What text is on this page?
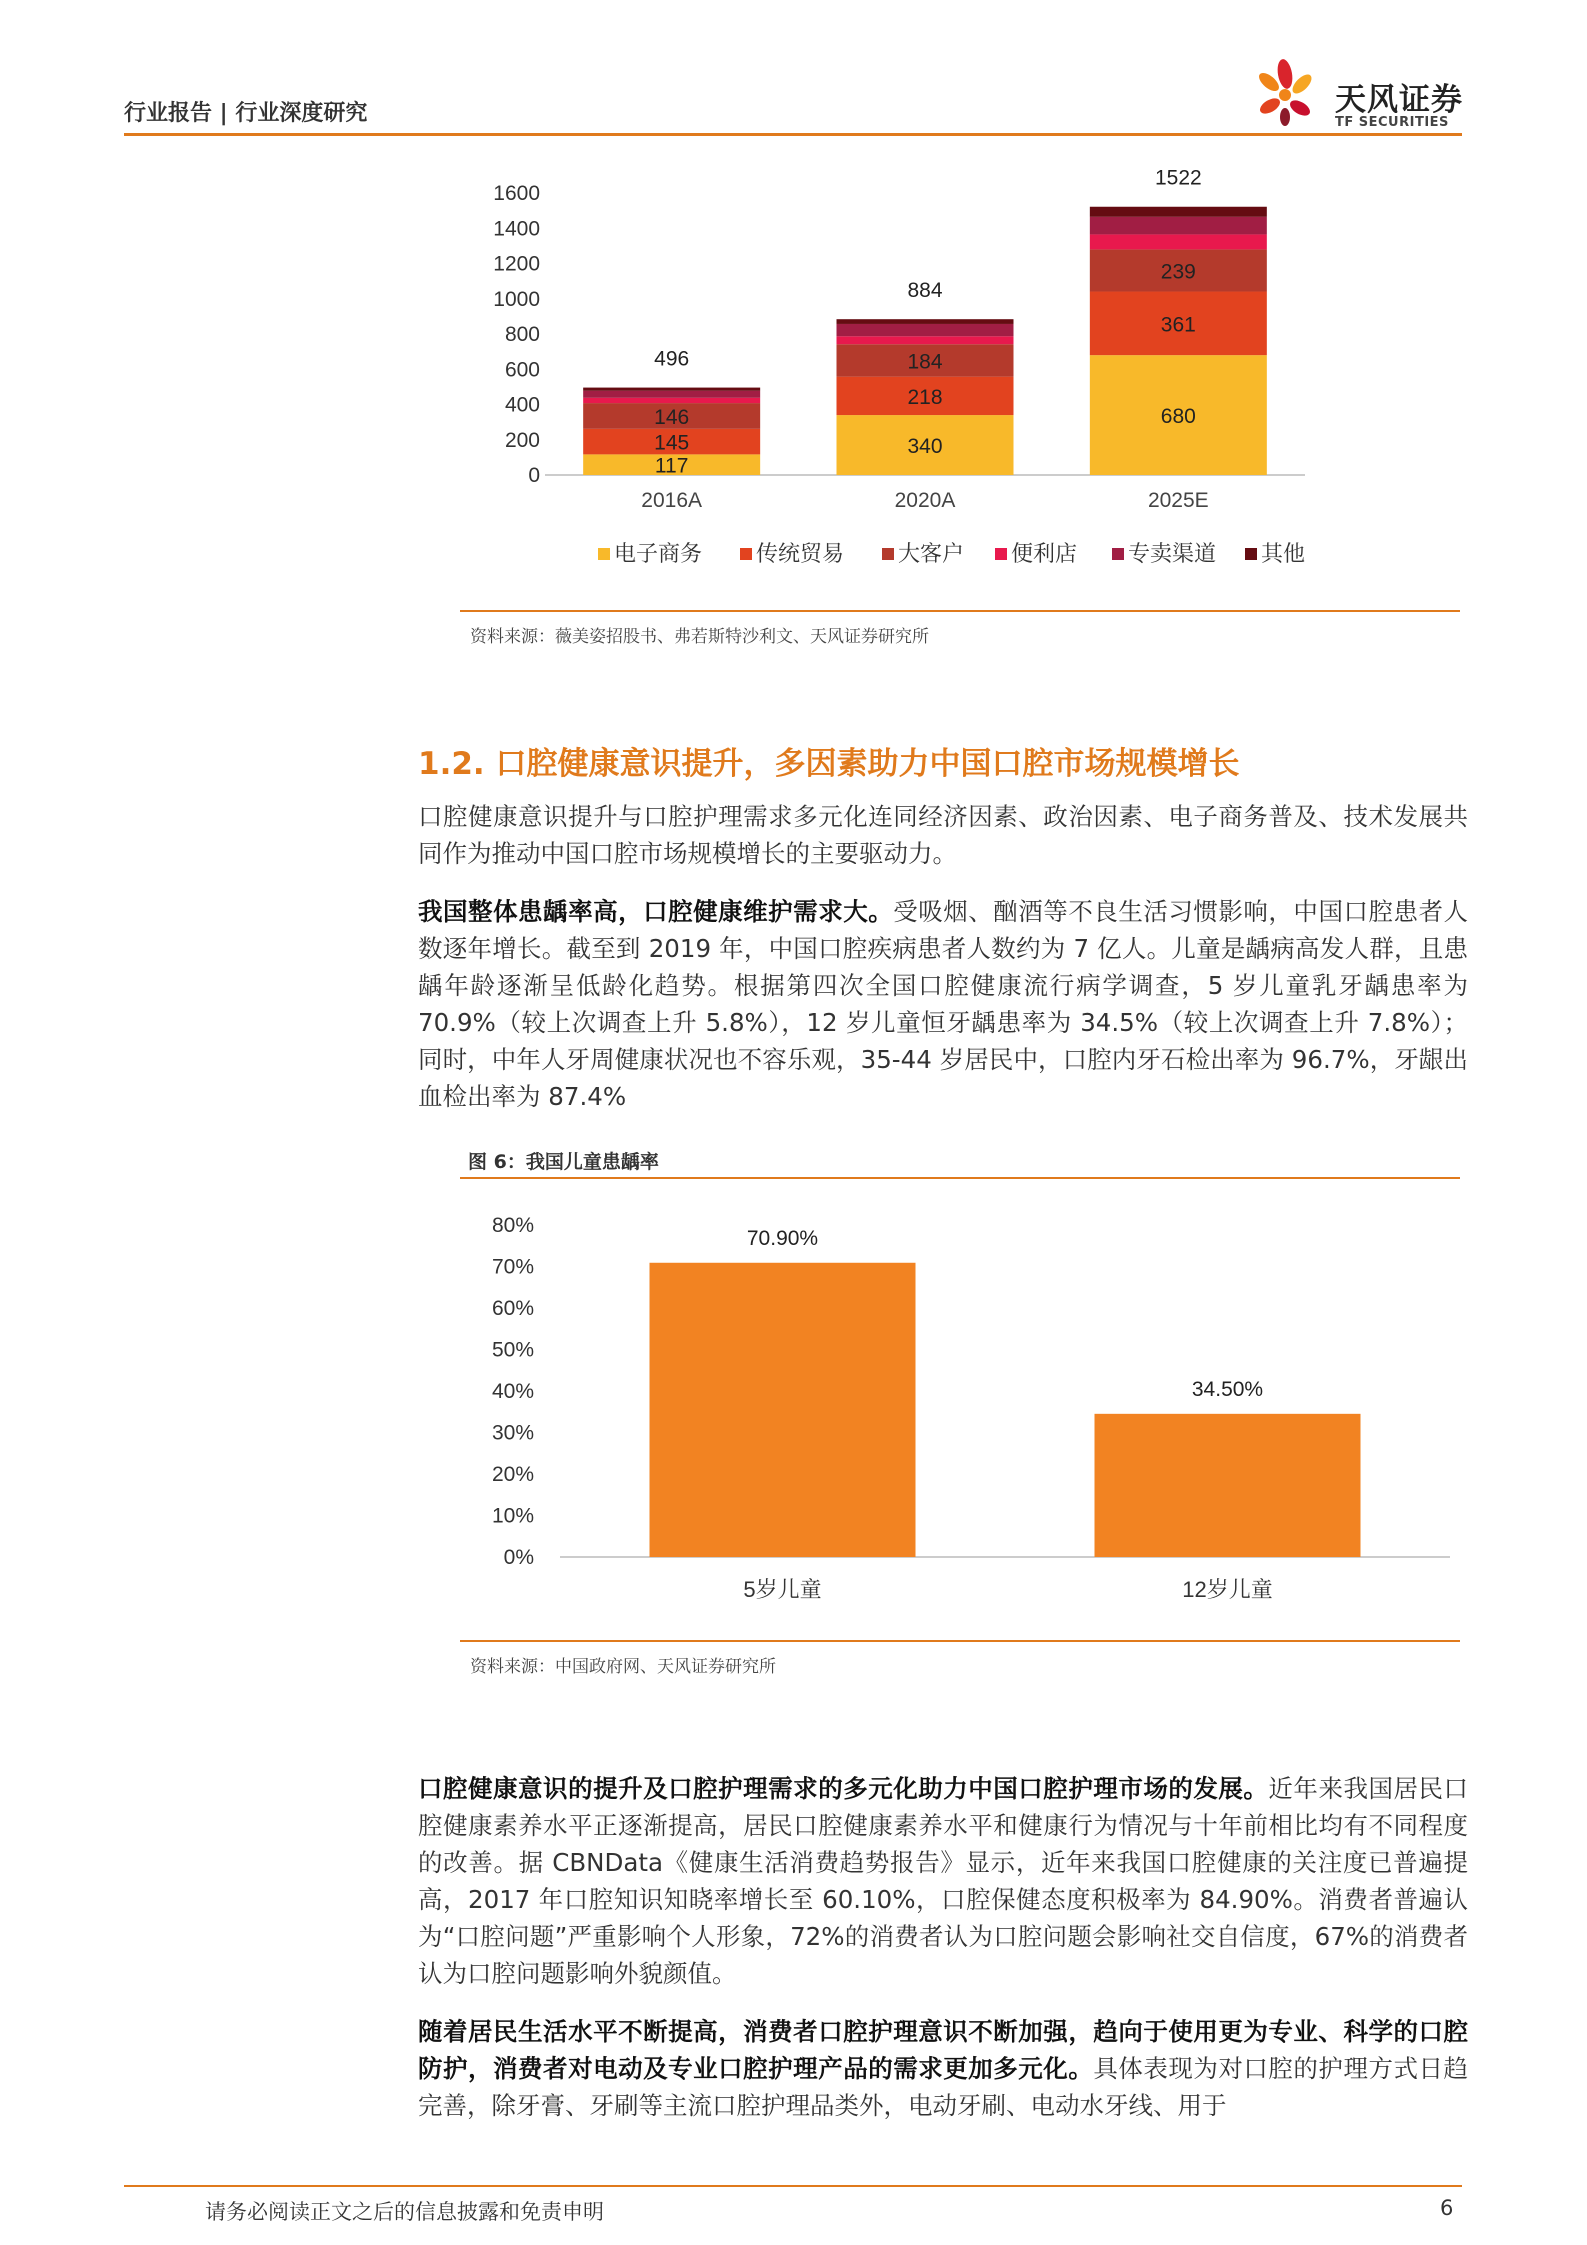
行业报告 | 行业深度研究	天风证券
TF SECURITIES
0
200
400
600
800
1000
1200
1400
1600
117
145
146
496
2016A
340
218
184
884
2020A
680
361
239
1522
2025E
电子商务 传统贸易 大客户 便利店 专卖渠道 其他
资料来源：薇美姿招股书、弗若斯特沙利文、天风证券研究所
1.2. 口腔健康意识提升，多因素助力中国口腔市场规模增长
口腔健康意识提升与口腔护理需求多元化连同经济因素、政治因素、电子商务普及、技术发展共同作为推动中国口腔市场规模增长的主要驱动力。
我国整体患龋率高，口腔健康维护需求大。受吸烟、酗酒等不良生活习惯影响，中国口腔患者人数逐年增长。截至到 2019 年，中国口腔疾病患者人数约为 7 亿人。儿童是龋病高发人群，且患龋年龄逐渐呈低龄化趋势。根据第四次全国口腔健康流行病学调查，5 岁儿童乳牙龋患率为 70.9%（较上次调查上升 5.8%），12 岁儿童恒牙龋患率为 34.5%（较上次调查上升 7.8%）；同时，中年人牙周健康状况也不容乐观，35-44 岁居民中，口腔内牙石检出率为 96.7%，牙龈出血检出率为 87.4%
图 6：我国儿童患龋率
0%
10%
20%
30%
40%
50%
60%
70%
80%
70.90%
5岁儿童
34.50%
12岁儿童
资料来源：中国政府网、天风证券研究所
口腔健康意识的提升及口腔护理需求的多元化助力中国口腔护理市场的发展。近年来我国居民口腔健康素养水平正逐渐提高，居民口腔健康素养水平和健康行为情况与十年前相比均有不同程度的改善。据 CBNData《健康生活消费趋势报告》显示，近年来我国口腔健康的关注度已普遍提高，2017 年口腔知识知晓率增长至 60.10%，口腔保健态度积极率为 84.90%。消费者普遍认为“口腔问题”严重影响个人形象，72%的消费者认为口腔问题会影响社交自信度，67%的消费者认为口腔问题影响外貌颜值。
随着居民生活水平不断提高，消费者口腔护理意识不断加强，趋向于使用更为专业、科学的口腔防护，消费者对电动及专业口腔护理产品的需求更加多元化。具体表现为对口腔的护理方式日趋完善，除牙膏、牙刷等主流口腔护理品类外，电动牙刷、电动水牙线、用于
请务必阅读正文之后的信息披露和免责申明	6
